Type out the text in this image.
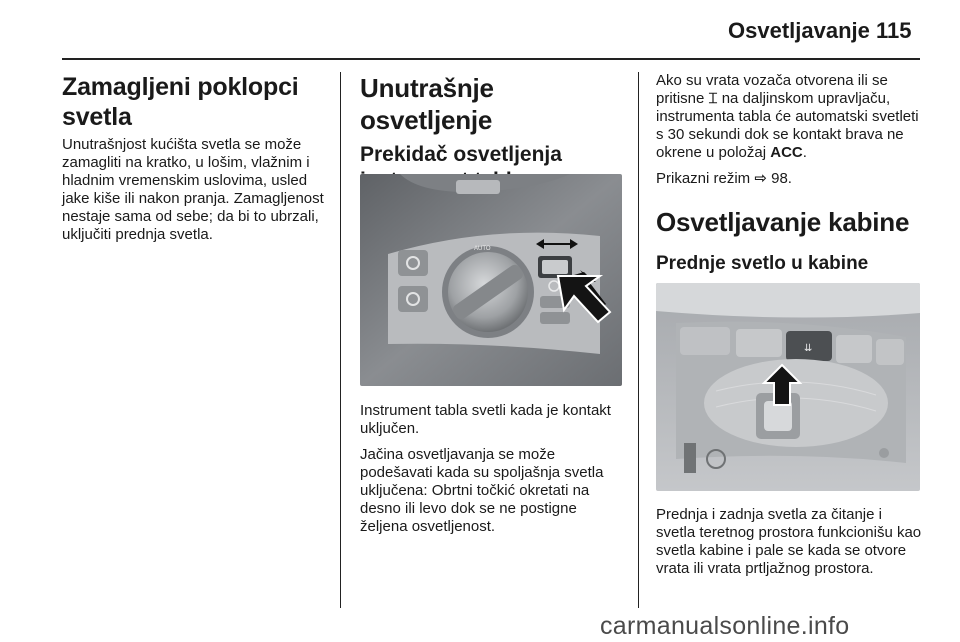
Osvetljavanje 115
Zamagljeni poklopci svetla

Unutrašnjost kućišta svetla se može zamagliti na kratko, u lošim, vlažnim i hladnim vremenskim uslovima, usled jake kiše ili nakon pranja. Zamagljenost nestaje sama od sebe; da bi to ubrzali, uključiti prednja svetla.

Unutrašnje osvetljenje
Prekidač osvetljenja
AUTO

Instrument tabla svetli kada je kontakt uključen.

Jačina osvetljavanja se može podešavati kada su spoljašnja svetla uključena: Obrtni točkić okretati na desno ili levo dok se ne postigne željena osvetljenost.

Ako su vrata vozača otvorena ili se pritisne ⌶ na daljinskom upravljaču, instrumenta tabla će automatski svetleti s 30 sekundi dok se kontakt brava ne okrene u položaj ACC.

Prikazni režim ⇨ 98.

Osvetljavanje kabine
Prednje svetlo u kabine
⇊

Prednja i zadnja svetla za čitanje i svetla teretnog prostora funkcionišu kao svetla kabine i pale se kada se otvore vrata ili vrata prtljažnog prostora.

carmanualsonline.info
